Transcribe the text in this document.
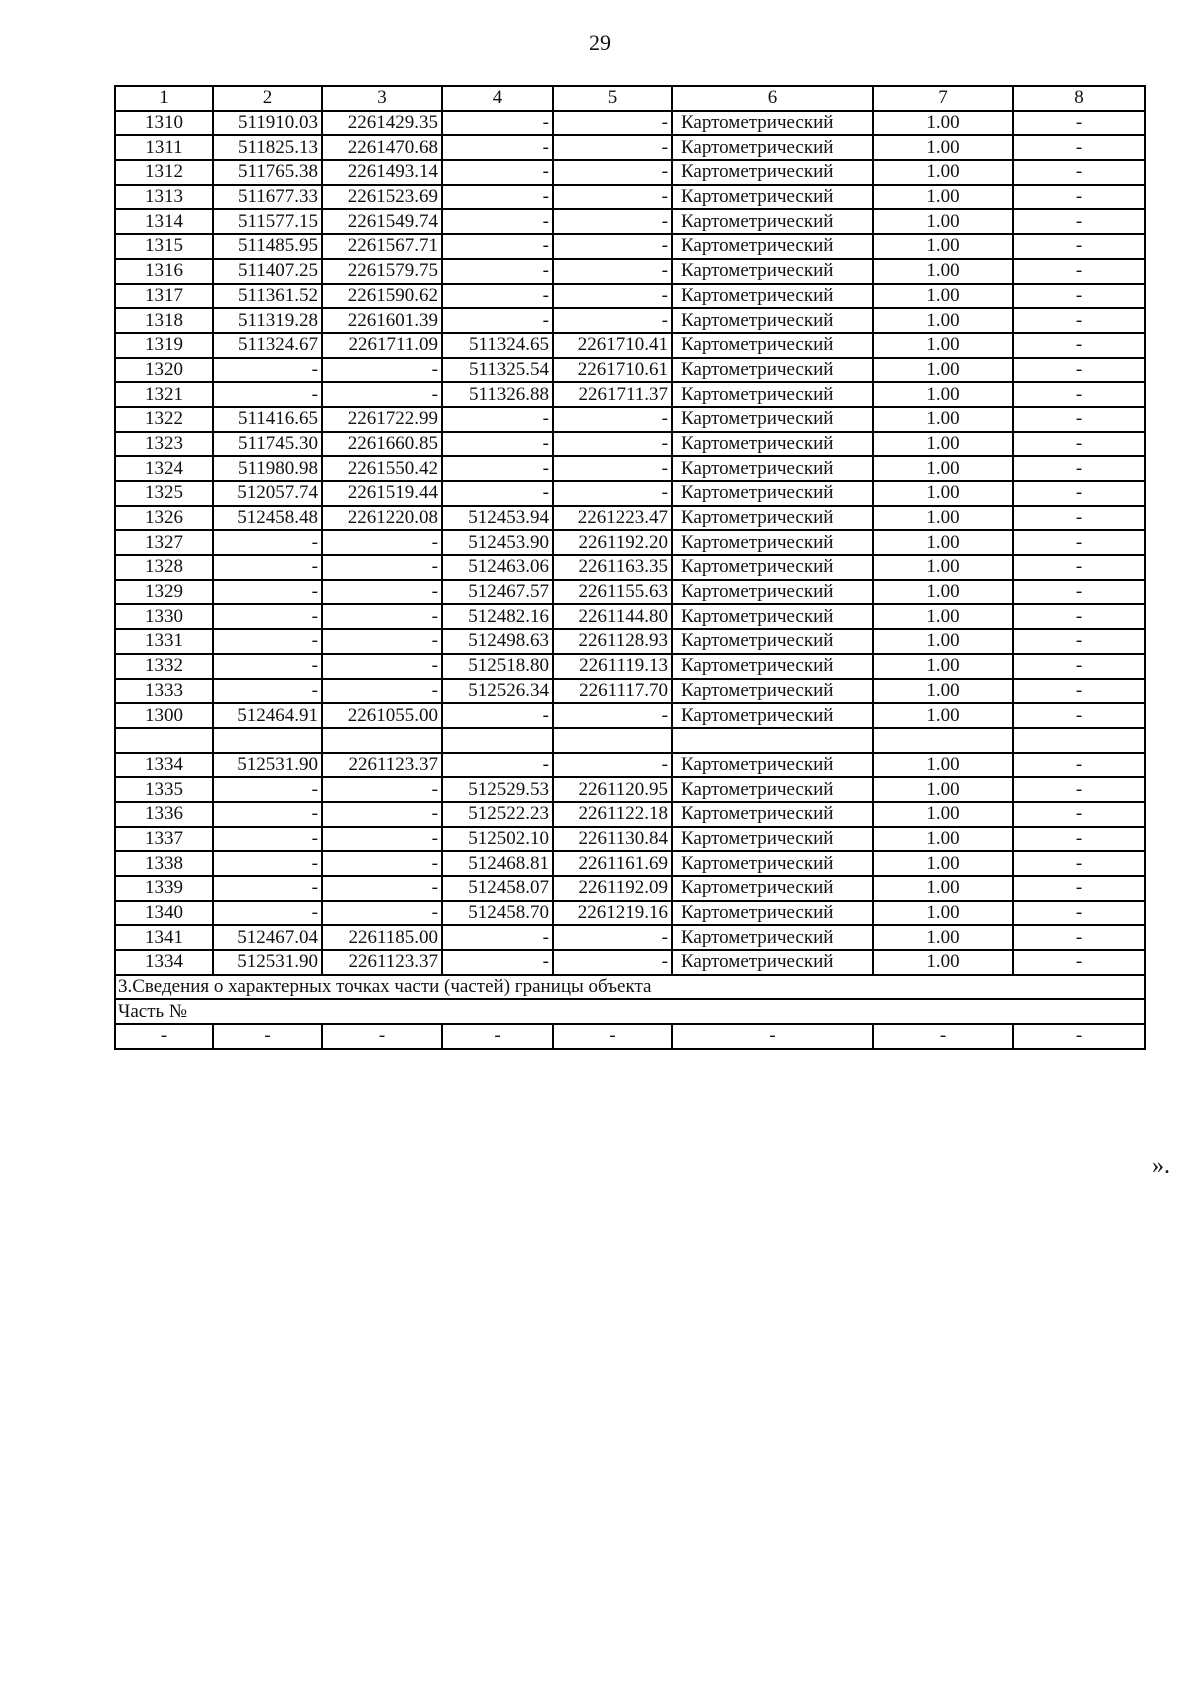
29
1	2	3	4	5	6	7	8
1310	511910.03	2261429.35	-	-	Картометрический	1.00	-
1311	511825.13	2261470.68	-	-	Картометрический	1.00	-
1312	511765.38	2261493.14	-	-	Картометрический	1.00	-
1313	511677.33	2261523.69	-	-	Картометрический	1.00	-
1314	511577.15	2261549.74	-	-	Картометрический	1.00	-
1315	511485.95	2261567.71	-	-	Картометрический	1.00	-
1316	511407.25	2261579.75	-	-	Картометрический	1.00	-
1317	511361.52	2261590.62	-	-	Картометрический	1.00	-
1318	511319.28	2261601.39	-	-	Картометрический	1.00	-
1319	511324.67	2261711.09	511324.65	2261710.41	Картометрический	1.00	-
1320	-	-	511325.54	2261710.61	Картометрический	1.00	-
1321	-	-	511326.88	2261711.37	Картометрический	1.00	-
1322	511416.65	2261722.99	-	-	Картометрический	1.00	-
1323	511745.30	2261660.85	-	-	Картометрический	1.00	-
1324	511980.98	2261550.42	-	-	Картометрический	1.00	-
1325	512057.74	2261519.44	-	-	Картометрический	1.00	-
1326	512458.48	2261220.08	512453.94	2261223.47	Картометрический	1.00	-
1327	-	-	512453.90	2261192.20	Картометрический	1.00	-
1328	-	-	512463.06	2261163.35	Картометрический	1.00	-
1329	-	-	512467.57	2261155.63	Картометрический	1.00	-
1330	-	-	512482.16	2261144.80	Картометрический	1.00	-
1331	-	-	512498.63	2261128.93	Картометрический	1.00	-
1332	-	-	512518.80	2261119.13	Картометрический	1.00	-
1333	-	-	512526.34	2261117.70	Картометрический	1.00	-
1300	512464.91	2261055.00	-	-	Картометрический	1.00	-

1334	512531.90	2261123.37	-	-	Картометрический	1.00	-
1335	-	-	512529.53	2261120.95	Картометрический	1.00	-
1336	-	-	512522.23	2261122.18	Картометрический	1.00	-
1337	-	-	512502.10	2261130.84	Картометрический	1.00	-
1338	-	-	512468.81	2261161.69	Картометрический	1.00	-
1339	-	-	512458.07	2261192.09	Картометрический	1.00	-
1340	-	-	512458.70	2261219.16	Картометрический	1.00	-
1341	512467.04	2261185.00	-	-	Картометрический	1.00	-
1334	512531.90	2261123.37	-	-	Картометрический	1.00	-
3.Сведения о характерных точках части (частей) границы объекта							
Часть №							
-	-	-	-	-	-	-	-
».
